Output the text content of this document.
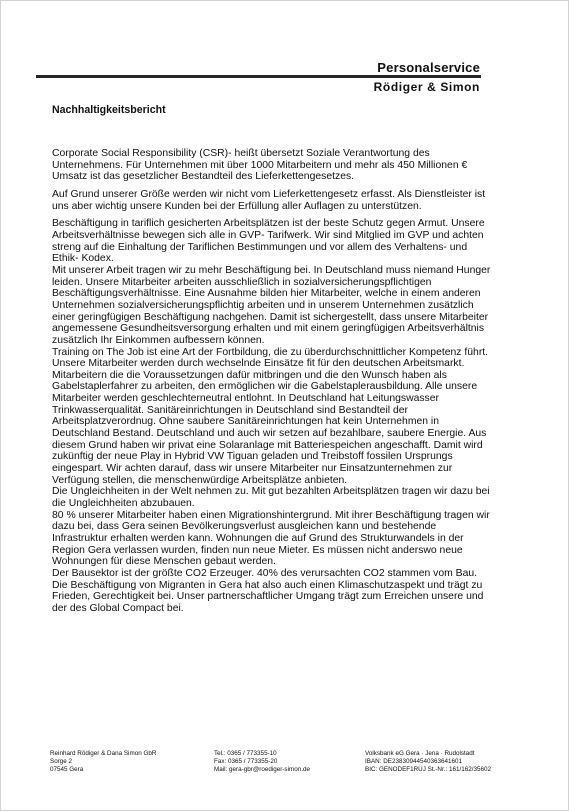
Personalservice
Rödiger & Simon
Nachhaltigkeitsbericht

Corporate Social Responsibility (CSR)- heißt übersetzt Soziale Verantwortung des
Unternehmens. Für Unternehmen mit über 1000 Mitarbeitern und mehr als 450 Millionen €
Umsatz ist das gesetzlicher Bestandteil des Lieferkettengesetzes.

Auf Grund unserer Größe werden wir nicht vom Lieferkettengesetz erfasst. Als Dienstleister ist
uns aber wichtig unsere Kunden bei der Erfüllung aller Auflagen zu unterstützen.

Beschäftigung in tariflich gesicherten Arbeitsplätzen ist der beste Schutz gegen Armut. Unsere
Arbeitsverhältnisse bewegen sich alle in GVP- Tarifwerk. Wir sind Mitglied im GVP und achten
streng auf die Einhaltung der Tariflichen Bestimmungen und vor allem des Verhaltens- und
Ethik- Kodex.

Mit unserer Arbeit tragen wir zu mehr Beschäftigung bei. In Deutschland muss niemand Hunger
leiden. Unsere Mitarbeiter arbeiten ausschließlich in sozialversicherungspflichtigen
Beschäftigungsverhältnisse. Eine Ausnahme bilden hier Mitarbeiter, welche in einem anderen
Unternehmen sozialversicherungspflichtig arbeiten und in unserem Unternehmen zusätzlich
einer geringfügigen Beschäftigung nachgehen. Damit ist sichergestellt, dass unsere Mitarbeiter
angemessene Gesundheitsversorgung erhalten und mit einem geringfügigen Arbeitsverhältnis
zusätzlich Ihr Einkommen aufbessern können.

Training on The Job ist eine Art der Fortbildung, die zu überdurchschnittlicher Kompetenz führt.
Unsere Mitarbeiter werden durch wechselnde Einsätze fit für den deutschen Arbeitsmarkt.
Mitarbeitern die die Voraussetzungen dafür mitbringen und die den Wunsch haben als
Gabelstaplerfahrer zu arbeiten, den ermöglichen wir die Gabelstaplerausbildung. Alle unsere
Mitarbeiter werden geschlechterneutral entlohnt. In Deutschland hat Leitungswasser
Trinkwasserqualität. Sanitäreinrichtungen in Deutschland sind Bestandteil der
Arbeitsplatzverordnug. Ohne saubere Sanitäreinrichtungen hat kein Unternehmen in
Deutschland Bestand. Deutschland und auch wir setzen auf bezahlbare, saubere Energie. Aus
diesem Grund haben wir privat eine Solaranlage mit Batteriespeichen angeschafft. Damit wird
zukünftig der neue Play in Hybrid VW Tiguan geladen und Treibstoff fossilen Ursprungs
eingespart. Wir achten darauf, dass wir unsere Mitarbeiter nur Einsatzunternehmen zur
Verfügung stellen, die menschenwürdige Arbeitsplätze anbieten.

Die Ungleichheiten in der Welt nehmen zu. Mit gut bezahlten Arbeitsplätzen tragen wir dazu bei
die Ungleichheiten abzubauen.

80 % unserer Mitarbeiter haben einen Migrationshintergrund. Mit ihrer Beschäftigung tragen wir
dazu bei, dass Gera seinen Bevölkerungsverlust ausgleichen kann und bestehende
Infrastruktur erhalten werden kann. Wohnungen die auf Grund des Strukturwandels in der
Region Gera verlassen wurden, finden nun neue Mieter. Es müssen nicht anderswo neue
Wohnungen für diese Menschen gebaut werden.

Der Bausektor ist der größte CO2 Erzeuger. 40% des verursachten CO2 stammen vom Bau.
Die Beschäftigung von Migranten in Gera hat also auch einen Klimaschutzaspekt und trägt zu
Frieden, Gerechtigkeit bei. Unser partnerschaftlicher Umgang trägt zum Erreichen unsere und
der des Global Compact bei.

Reinhard Rödiger & Dana Simon GbR
Sorge 2
07545 Gera
Tel.: 0365 / 773355-10
Fax: 0365 / 773355-20
Mail: gera-gbr@roediger-simon.de
Volksbank eG Gera · Jena · Rudolstadt
IBAN: DE23830944540363641601
BIC: GENODEF1RUJ St.-Nr.: 161/162/35602
